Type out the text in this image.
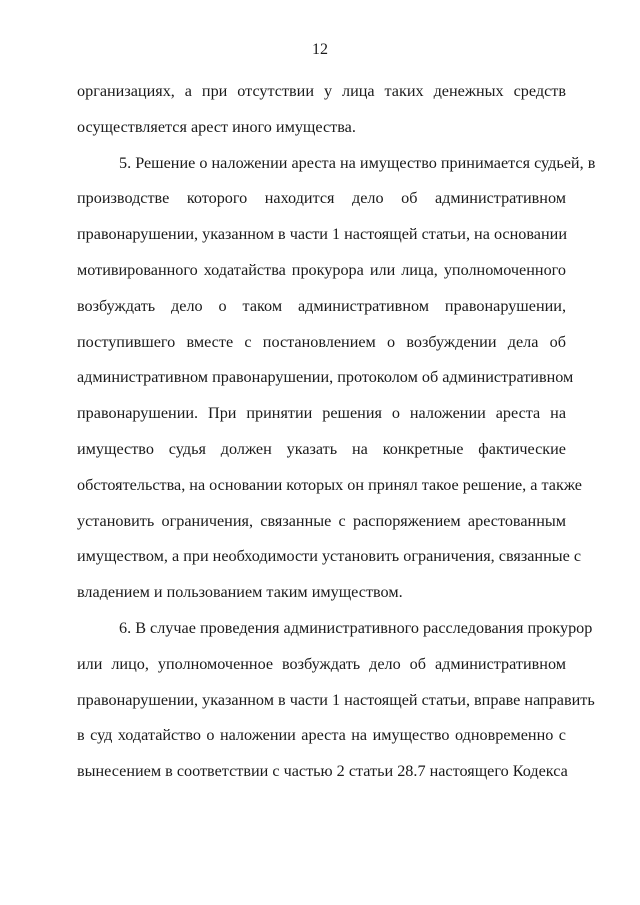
12
организациях, а при отсутствии у лица таких денежных средств
осуществляется арест иного имущества.
5. Решение о наложении ареста на имущество принимается судьей, в
производстве которого находится дело об административном
правонарушении, указанном в части 1 настоящей статьи, на основании
мотивированного ходатайства прокурора или лица, уполномоченного
возбуждать дело о таком административном правонарушении,
поступившего вместе с постановлением о возбуждении дела об
административном правонарушении, протоколом об административном
правонарушении. При принятии решения о наложении ареста на
имущество судья должен указать на конкретные фактические
обстоятельства, на основании которых он принял такое решение, а также
установить ограничения, связанные с распоряжением арестованным
имуществом, а при необходимости установить ограничения, связанные с
владением и пользованием таким имуществом.
6. В случае проведения административного расследования прокурор
или лицо, уполномоченное возбуждать дело об административном
правонарушении, указанном в части 1 настоящей статьи, вправе направить
в суд ходатайство о наложении ареста на имущество одновременно с
вынесением в соответствии с частью 2 статьи 28.7 настоящего Кодекса
